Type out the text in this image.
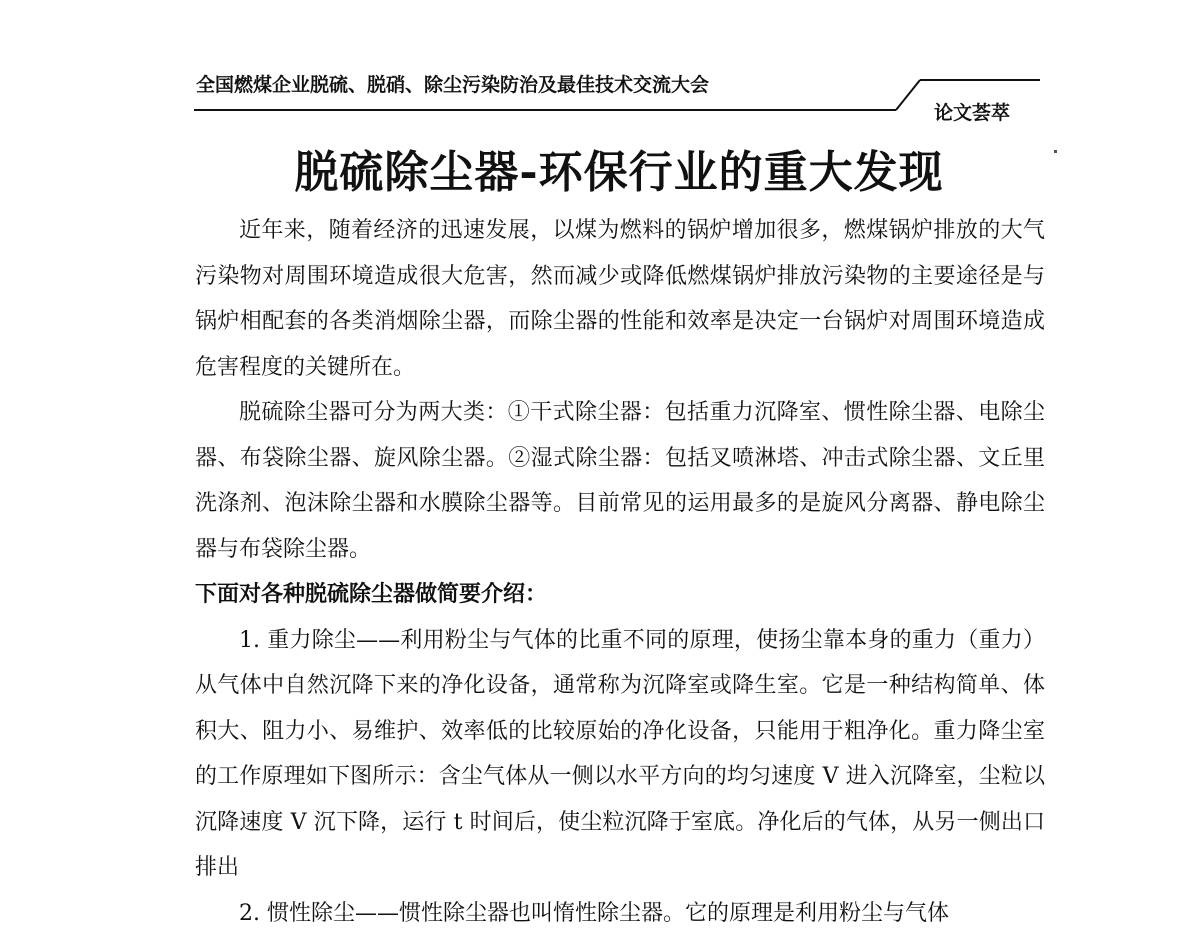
全国燃煤企业脱硫、脱硝、除尘污染防治及最佳技术交流大会
论文荟萃
脱硫除尘器-环保行业的重大发现

近年来，随着经济的迅速发展，以煤为燃料的锅炉增加很多，燃煤锅炉排放的大气污染物对周围环境造成很大危害，然而减少或降低燃煤锅炉排放污染物的主要途径是与锅炉相配套的各类消烟除尘器，而除尘器的性能和效率是决定一台锅炉对周围环境造成危害程度的关键所在。

脱硫除尘器可分为两大类：①干式除尘器：包括重力沉降室、惯性除尘器、电除尘器、布袋除尘器、旋风除尘器。②湿式除尘器：包括叉喷淋塔、冲击式除尘器、文丘里洗涤剂、泡沫除尘器和水膜除尘器等。目前常见的运用最多的是旋风分离器、静电除尘器与布袋除尘器。

下面对各种脱硫除尘器做简要介绍：

1. 重力除尘——利用粉尘与气体的比重不同的原理，使扬尘靠本身的重力（重力）从气体中自然沉降下来的净化设备，通常称为沉降室或降生室。它是一种结构简单、体积大、阻力小、易维护、效率低的比较原始的净化设备，只能用于粗净化。重力降尘室的工作原理如下图所示：含尘气体从一侧以水平方向的均匀速度 V 进入沉降室，尘粒以沉降速度 V 沉下降，运行 t 时间后，使尘粒沉降于室底。净化后的气体，从另一侧出口排出

2. 惯性除尘——惯性除尘器也叫惰性除尘器。它的原理是利用粉尘与气体
